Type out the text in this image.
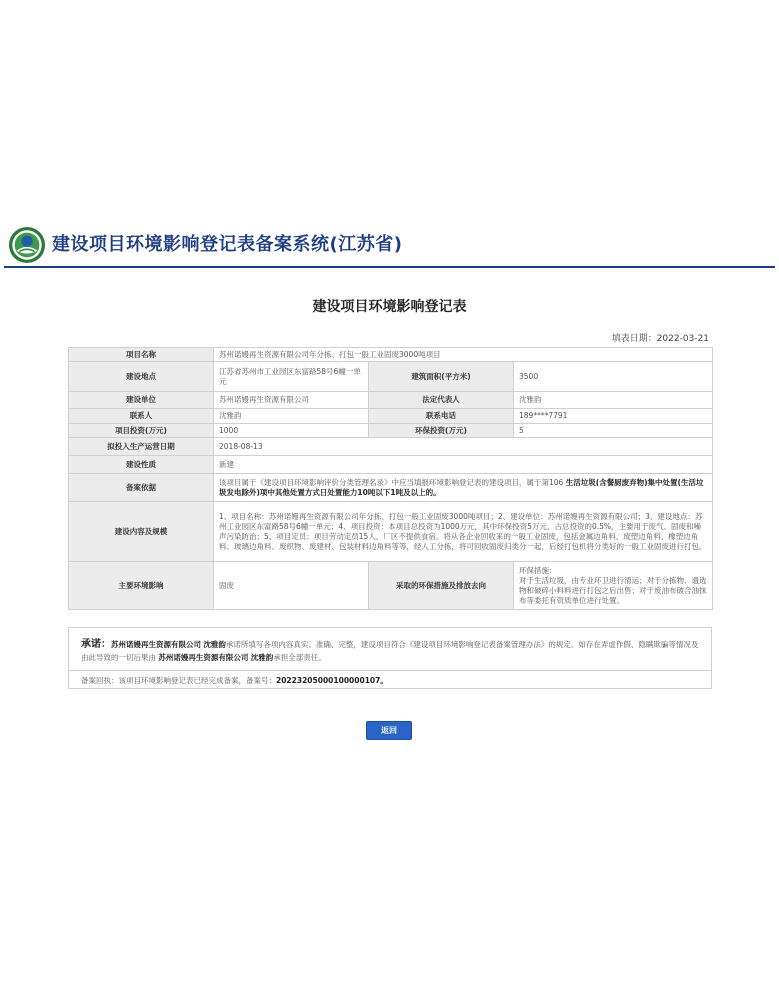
建设项目环境影响登记表备案系统(江苏省)
建设项目环境影响登记表
填表日期：2022-03-21
项目名称	苏州诺嫚再生资源有限公司年分拣、打包一般工业固废3000吨项目		
建设地点	江苏省苏州市工业园区东富路58号6幢一单元	建筑面积(平方米)	3500
建设单位	苏州诺嫚再生资源有限公司	法定代表人	沈雅韵
联系人	沈雅韵	联系电话	189****7791
项目投资(万元)	1000	环保投资(万元)	5
拟投入生产运营日期	2018-08-13		
建设性质	新建		
备案依据	该项目属于《建设项目环境影响评价分类管理名录》中应当填报环境影响登记表的建设项目，属于第106 生活垃圾(含餐厨废弃物)集中处置(生活垃圾发电除外)项中其他处置方式日处置能力10吨以下1吨及以上的。		
建设内容及规模	1、项目名称：苏州诺嫚再生资源有限公司年分拣、打包一般工业固废3000吨项目；2、建设单位：苏州诺嫚再生资源有限公司；3、建设地点：苏州工业园区东富路58号6幢一单元；4、项目投资：本项目总投资为1000万元，其中环保投资5万元，占总投资的0.5%，主要用于废气、固废和噪声污染防治；5、项目定员：项目劳动定员15人，厂区不提供食宿。将从各企业回收来的一般工业固废，包括金属边角料、废塑边角料、橡塑边角料、玻璃边角料、废织物、废建材、包装材料边角料等等，经人工分拣，将可回收固废归类分一起，后经打包机将分类好的一般工业固废进行打包。		
主要环境影响	固废	采取的环保措施及排放去向	环保措施:
对于生活垃圾，由专业环卫进行清运；对于分拣物、遗选物和破碎小料料进行打包之后出售；对于废油布破合油抹布等委托有资质单位进行处置。
承诺：苏州诺嫚再生资源有限公司 沈雅韵承诺所填写各项内容真实、准确、完整，建设项目符合《建设项目环境影响登记表备案管理办法》的规定。如存在弄虚作假、隐瞒欺骗等情况及由此导致的一切后果由 苏州诺嫚再生资源有限公司 沈雅韵承担全部责任。
备案回执：该项目环境影响登记表已经完成备案，备案号：20223205000100000107。
返回
